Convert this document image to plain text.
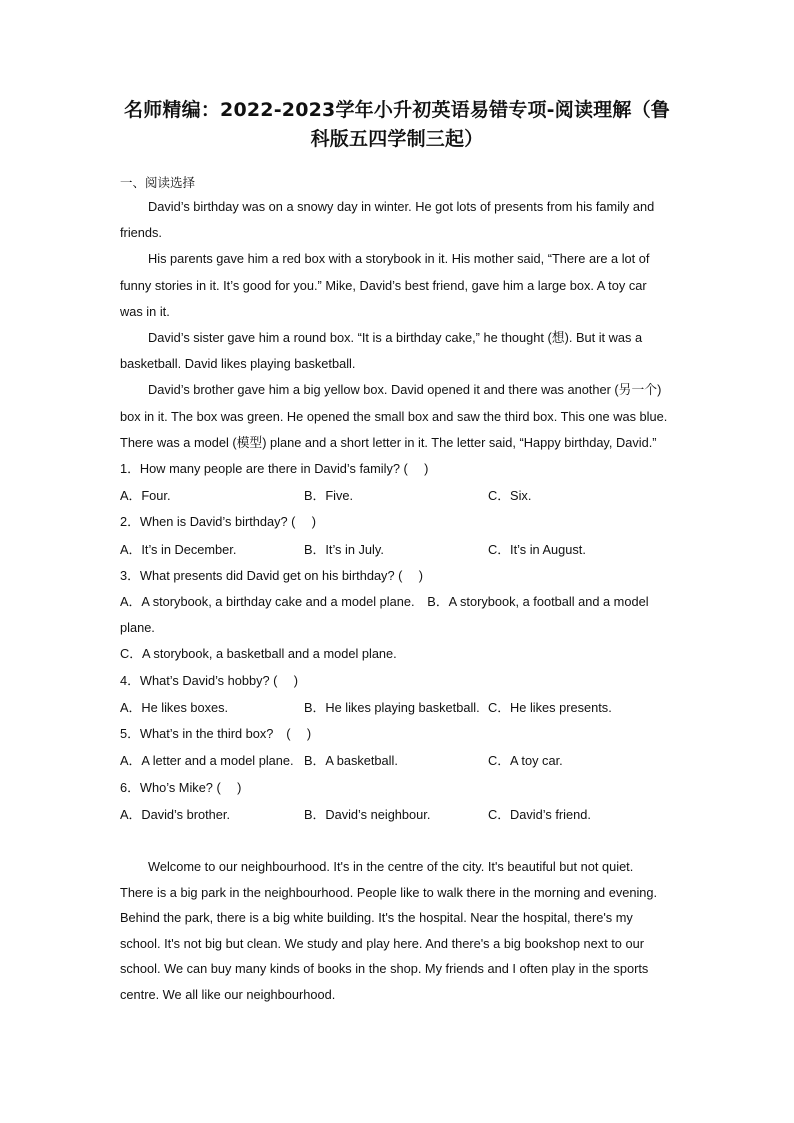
名师精编：2022-2023学年小升初英语易错专项-阅读理解（鲁
科版五四学制三起）
一、阅读选择
David’s birthday was on a snowy day in winter. He got lots of presents from his family and
friends.
His parents gave him a red box with a storybook in it. His mother said, “There are a lot of
funny stories in it. It’s good for you.” Mike, David’s best friend, gave him a large box. A toy car
was in it.
David’s sister gave him a round box. “It is a birthday cake,” he thought (想). But it was a
basketball. David likes playing basketball.
David’s brother gave him a big yellow box. David opened it and there was another (另一个)
box in it. The box was green. He opened the small box and saw the third box. This one was blue.
There was a model (模型) plane and a short letter in it. The letter said, “Happy birthday, David.”
1．How many people are there in David’s family? (　 )
A．Four.	B．Five.	C．Six.
2．When is David’s birthday? (　 )
A．It’s in December.	B．It’s in July.	C．It’s in August.
3．What presents did David get on his birthday? (　 )
A．A storybook, a birthday cake and a model plane.　B．A storybook, a football and a model plane.
C．A storybook, a basketball and a model plane.
4．What’s David’s hobby? (　 )
A．He likes boxes.	B．He likes playing basketball. C．He likes presents.
5．What’s in the third box?　(　 )
A．A letter and a model plane. B．A basketball.	C．A toy car.
6．Who’s Mike? (　 )
A．David’s brother.	B．David’s neighbour.	C．David’s friend.
Welcome to our neighbourhood. It's in the centre of the city. It's beautiful but not quiet.
There is a big park in the neighbourhood. People like to walk there in the morning and evening.
Behind the park, there is a big white building. It's the hospital. Near the hospital, there's my
school. It's not big but clean. We study and play here. And there's a big bookshop next to our
school. We can buy many kinds of books in the shop. My friends and I often play in the sports
centre. We all like our neighbourhood.
